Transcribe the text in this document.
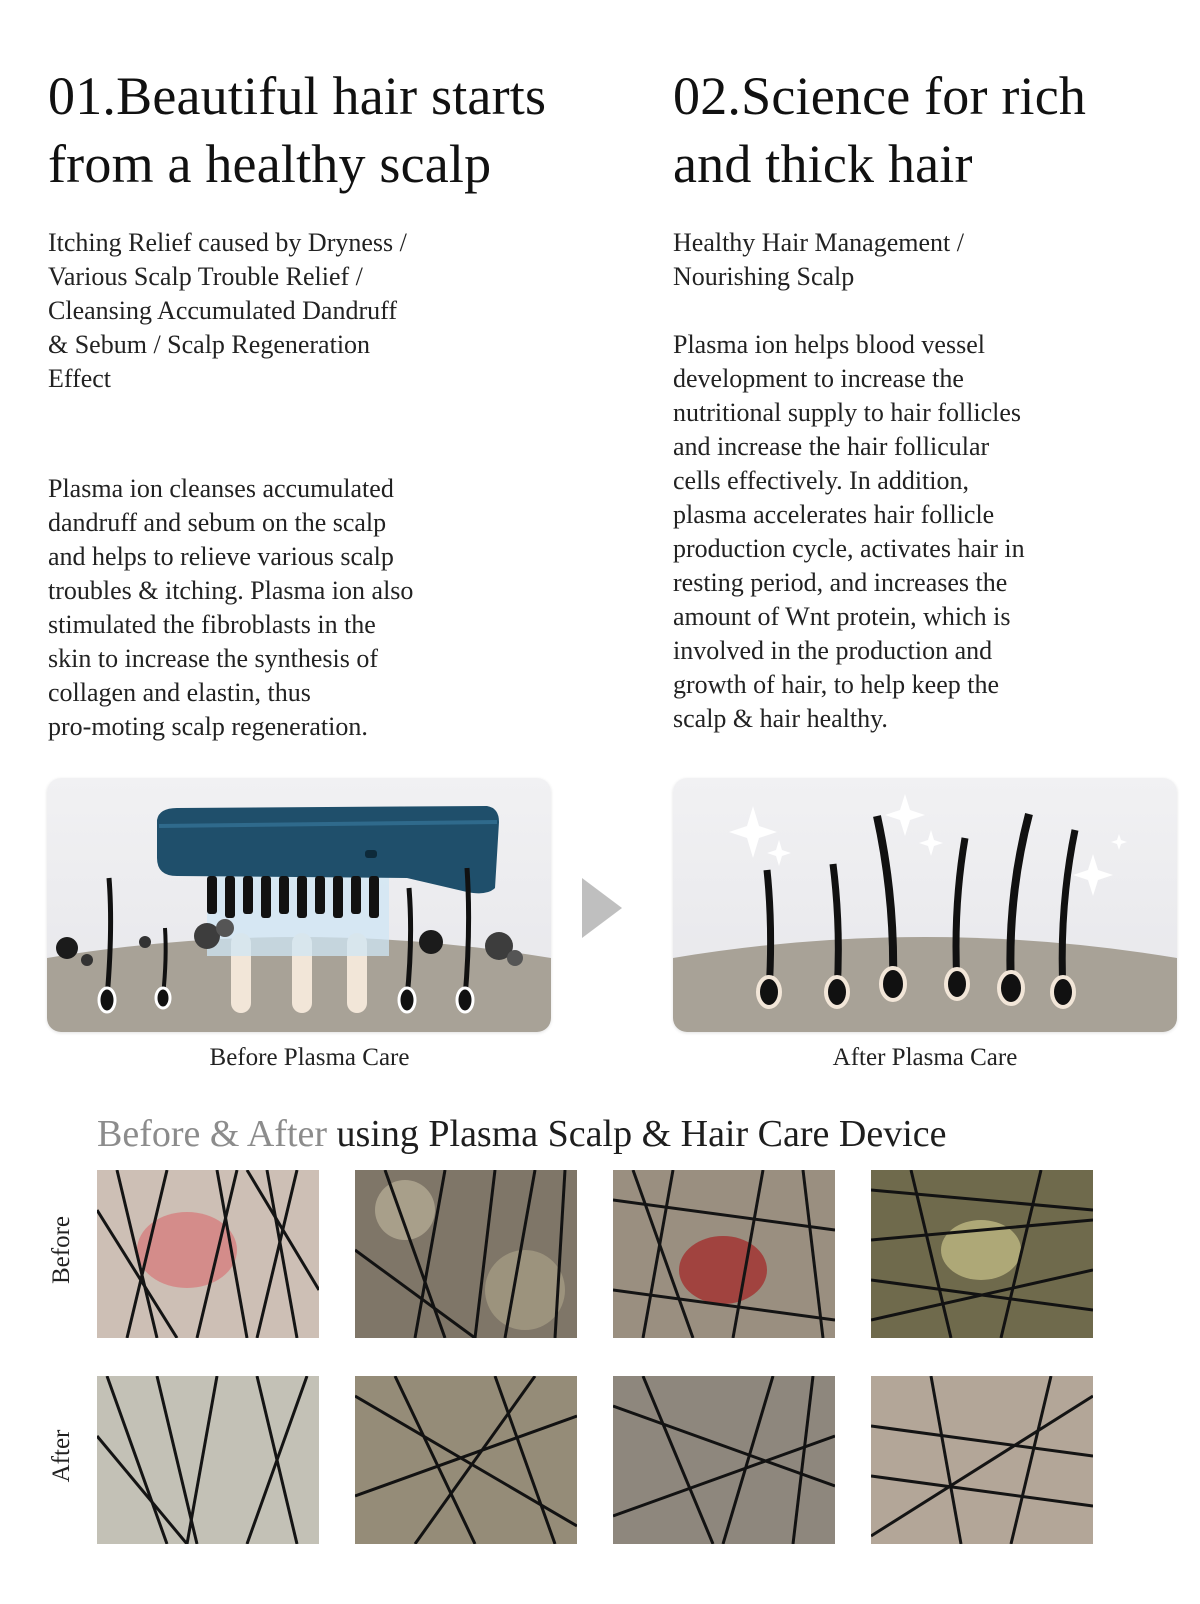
01.Beautiful hair starts
from a healthy scalp
Itching Relief caused by Dryness /
Various Scalp Trouble Relief /
Cleansing Accumulated Dandruff
& Sebum / Scalp Regeneration
Effect
Plasma ion cleanses accumulated
dandruff and sebum on the scalp
and helps to relieve various scalp
troubles & itching. Plasma ion also
stimulated the fibroblasts in the
skin to increase the synthesis of
collagen and elastin, thus
pro-moting scalp regeneration.
02.Science for rich
and thick hair
Healthy Hair Management /
Nourishing Scalp
Plasma ion helps blood vessel
development to increase the
nutritional supply to hair follicles
and increase the hair follicular
cells effectively. In addition,
plasma accelerates hair follicle
production cycle, activates hair in
resting period, and increases the
amount of Wnt protein, which is
involved in the production and
growth of hair, to help keep the
scalp & hair healthy.
Before Plasma Care	After Plasma Care
Before & After using Plasma Scalp & Hair Care Device
Before
After
